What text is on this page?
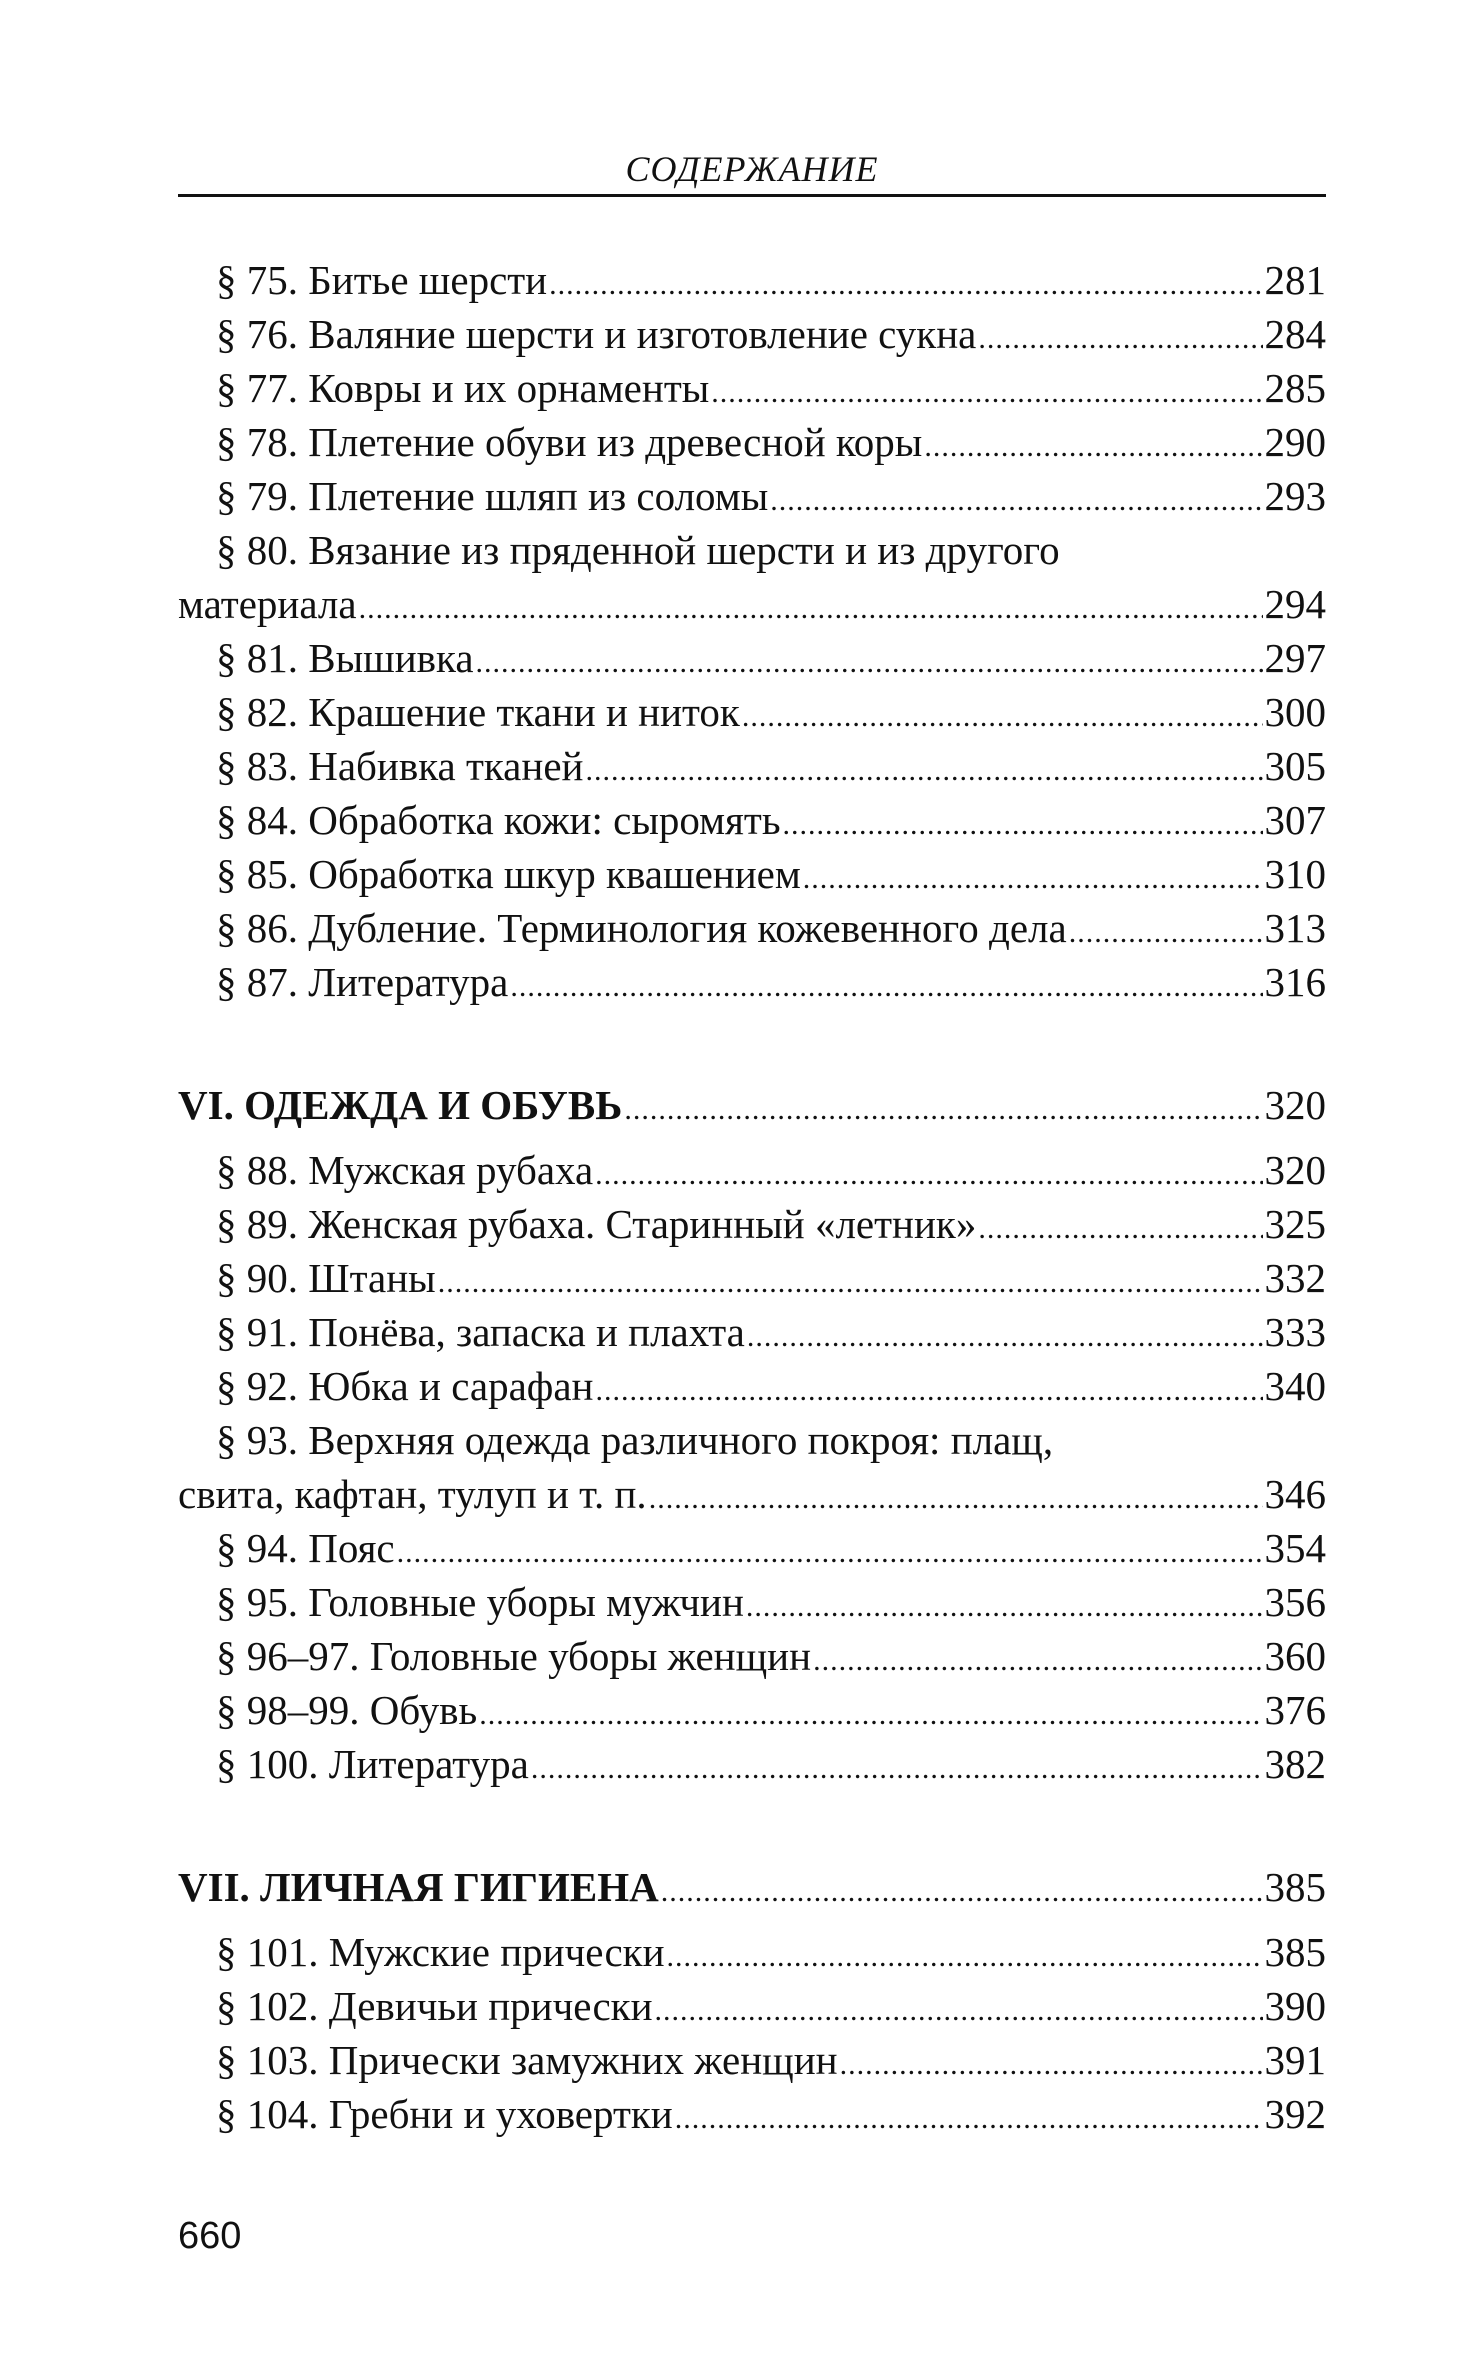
СОДЕРЖАНИЕ
§ 75. Битье шерсти .....	281
§ 76. Валяние шерсти и изготовление сукна .....	284
§ 77. Ковры и их орнаменты .....	285
§ 78. Плетение обуви из древесной коры .....	290
§ 79. Плетение шляп из соломы .....	293
§ 80. Вязание из пряденной шерсти и из другого
материала .....	294
§ 81. Вышивка .....	297
§ 82. Крашение ткани и ниток .....	300
§ 83. Набивка тканей .....	305
§ 84. Обработка кожи: сыромять .....	307
§ 85. Обработка шкур квашением .....	310
§ 86. Дубление. Терминология кожевенного дела .....	313
§ 87. Литература .....	316
VI. ОДЕЖДА И ОБУВЬ .....	320
§ 88. Мужская рубаха .....	320
§ 89. Женская рубаха. Старинный «летник» .....	325
§ 90. Штаны .....	332
§ 91. Понёва, запаска и плахта .....	333
§ 92. Юбка и сарафан .....	340
§ 93. Верхняя одежда различного покроя: плащ,
свита, кафтан, тулуп и т. п. .....	346
§ 94. Пояс .....	354
§ 95. Головные уборы мужчин .....	356
§ 96–97. Головные уборы женщин .....	360
§ 98–99. Обувь .....	376
§ 100. Литература .....	382
VII. ЛИЧНАЯ ГИГИЕНА .....	385
§ 101. Мужские прически .....	385
§ 102. Девичьи прически .....	390
§ 103. Прически замужних женщин .....	391
§ 104. Гребни и уховертки .....	392
660
